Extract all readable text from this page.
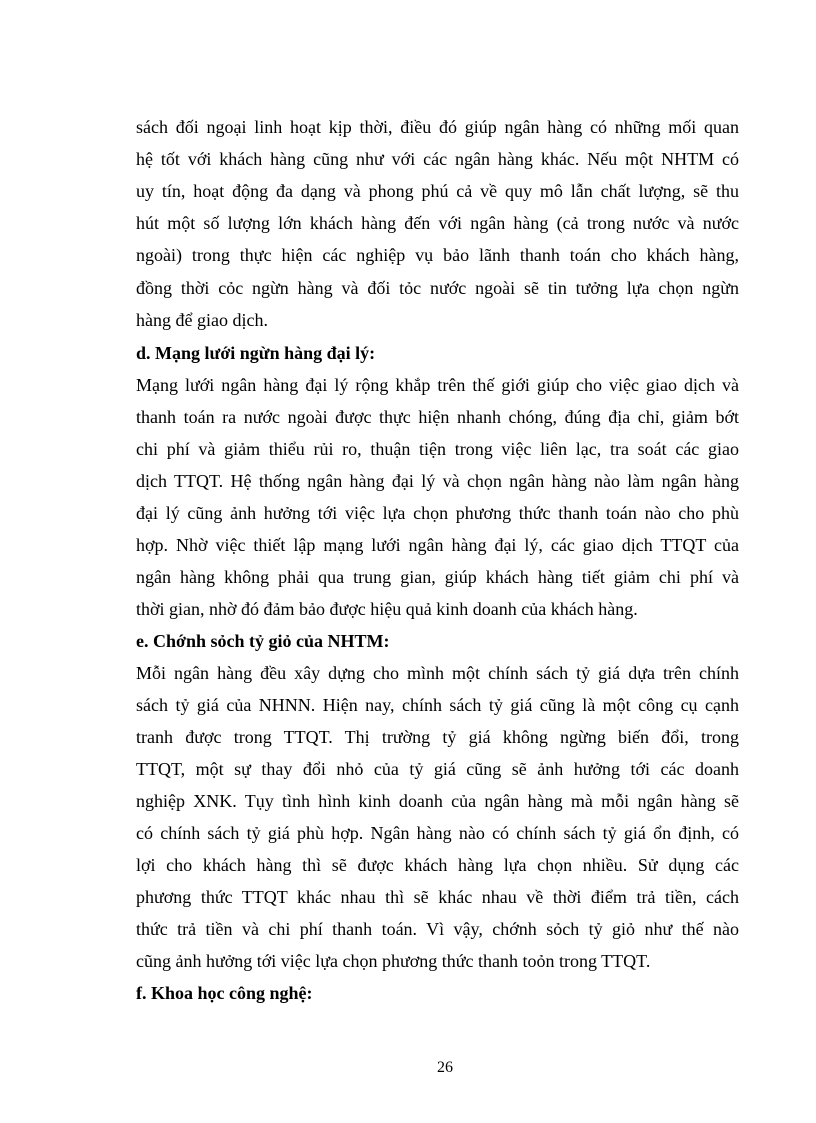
sách đối ngoại linh hoạt kịp thời, điều đó giúp ngân hàng có những mối quan

hệ tốt với khách hàng cũng như với các ngân hàng khác. Nếu một NHTM có

uy tín, hoạt động đa dạng và phong phú cả về quy mô lẫn chất lượng, sẽ thu

hút một số lượng lớn khách hàng đến với ngân hàng (cả trong nước và nước

ngoài) trong thực hiện các nghiệp vụ bảo lãnh thanh toán cho khách hàng,

đồng thời cỏc ngừn hàng và đối tỏc nước ngoài sẽ tin tưởng lựa chọn ngừn

hàng để giao dịch.

d. Mạng lưới ngừn hàng đại lý:

Mạng lưới ngân hàng đại lý rộng khắp trên thế giới giúp cho việc giao dịch và

thanh toán ra nước ngoài được thực hiện nhanh chóng, đúng địa chỉ, giảm bớt

chi phí và giảm thiểu rủi ro, thuận tiện trong việc liên lạc, tra soát các giao

dịch TTQT. Hệ thống ngân hàng đại lý và chọn ngân hàng nào làm ngân hàng

đại lý cũng ảnh hưởng tới việc lựa chọn phương thức thanh toán nào cho phù

hợp. Nhờ việc thiết lập mạng lưới ngân hàng đại lý, các giao dịch TTQT của

ngân hàng không phải qua trung gian, giúp khách hàng tiết giảm chi phí và

thời gian, nhờ đó đảm bảo được hiệu quả kinh doanh của khách hàng.

e. Chớnh sỏch tỷ giỏ của NHTM:

Mỗi ngân hàng đều xây dựng cho mình một chính sách tỷ giá dựa trên chính

sách tỷ giá của NHNN. Hiện nay, chính sách tỷ giá cũng là một công cụ cạnh

tranh được trong TTQT. Thị trường tỷ giá không ngừng biến đổi, trong

TTQT, một sự thay đổi nhỏ của tỷ giá cũng sẽ ảnh hưởng tới các doanh

nghiệp XNK. Tụy tình hình kinh doanh của ngân hàng mà mỗi ngân hàng sẽ

có chính sách tỷ giá phù hợp. Ngân hàng nào có chính sách tỷ giá ổn định, có

lợi cho khách hàng thì sẽ được khách hàng lựa chọn nhiều. Sử dụng các

phương thức TTQT khác nhau thì sẽ khác nhau về thời điểm trả tiền, cách

thức trả tiền và chi phí thanh toán. Vì vậy, chớnh sỏch tỷ giỏ như thế nào

cũng ảnh hưởng tới việc lựa chọn phương thức thanh toỏn trong TTQT.

f. Khoa học công nghệ:

26
